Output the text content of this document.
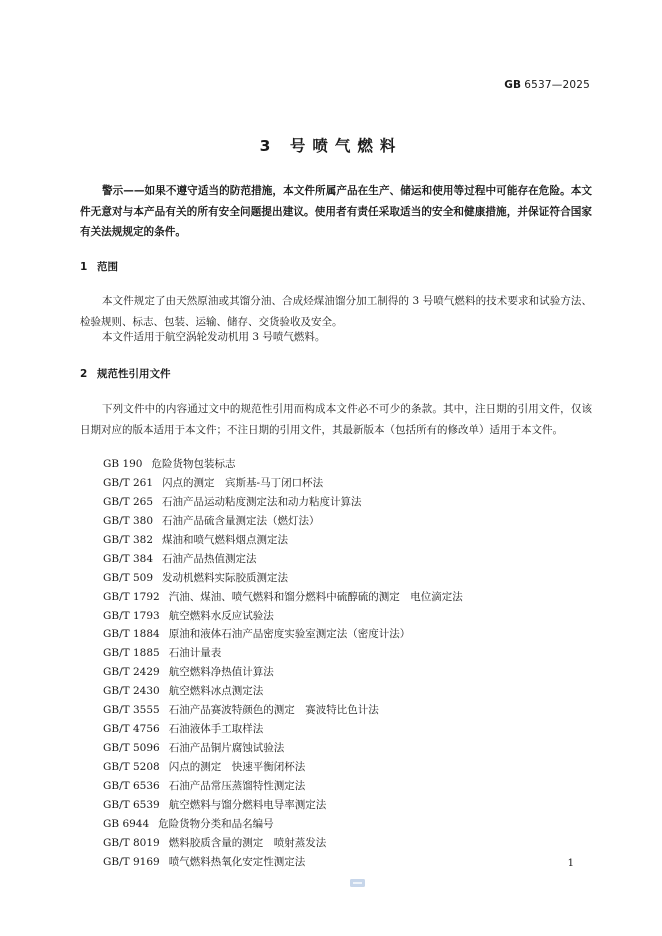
GB 6537—2025
3 号喷气燃料
警示——如果不遵守适当的防范措施，本文件所属产品在生产、储运和使用等过程中可能存在危险。本文件无意对与本产品有关的所有安全问题提出建议。使用者有责任采取适当的安全和健康措施，并保证符合国家有关法规规定的条件。
1 范围
本文件规定了由天然原油或其馏分油、合成烃煤油馏分加工制得的 3 号喷气燃料的技术要求和试验方法、检验规则、标志、包装、运输、储存、交货验收及安全。
本文件适用于航空涡轮发动机用 3 号喷气燃料。
2 规范性引用文件
下列文件中的内容通过文中的规范性引用而构成本文件必不可少的条款。其中，注日期的引用文件，仅该日期对应的版本适用于本文件；不注日期的引用文件，其最新版本（包括所有的修改单）适用于本文件。
GB 190 危险货物包装标志
GB/T 261 闪点的测定　宾斯基-马丁闭口杯法
GB/T 265 石油产品运动粘度测定法和动力粘度计算法
GB/T 380 石油产品硫含量测定法（燃灯法）
GB/T 382 煤油和喷气燃料烟点测定法
GB/T 384 石油产品热值测定法
GB/T 509 发动机燃料实际胶质测定法
GB/T 1792 汽油、煤油、喷气燃料和馏分燃料中硫醇硫的测定　电位滴定法
GB/T 1793 航空燃料水反应试验法
GB/T 1884 原油和液体石油产品密度实验室测定法（密度计法）
GB/T 1885 石油计量表
GB/T 2429 航空燃料净热值计算法
GB/T 2430 航空燃料冰点测定法
GB/T 3555 石油产品赛波特颜色的测定　赛波特比色计法
GB/T 4756 石油液体手工取样法
GB/T 5096 石油产品铜片腐蚀试验法
GB/T 5208 闪点的测定　快速平衡闭杯法
GB/T 6536 石油产品常压蒸馏特性测定法
GB/T 6539 航空燃料与馏分燃料电导率测定法
GB 6944 危险货物分类和品名编号
GB/T 8019 燃料胶质含量的测定　喷射蒸发法
GB/T 9169 喷气燃料热氧化安定性测定法	1
